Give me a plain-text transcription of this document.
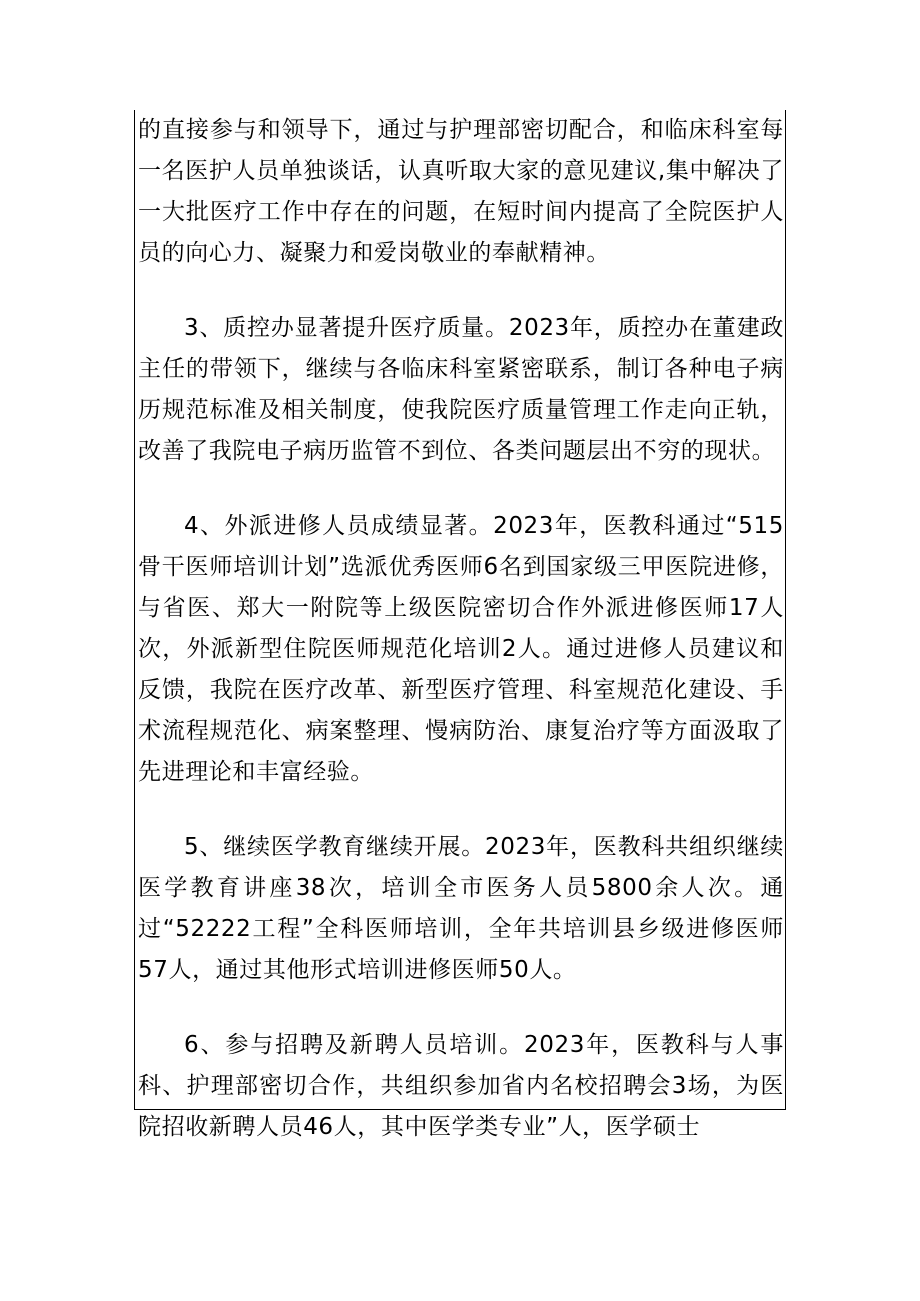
的直接参与和领导下，通过与护理部密切配合，和临床科室每一名医护人员单独谈话，认真听取大家的意见建议,集中解决了一大批医疗工作中存在的问题，在短时间内提高了全院医护人员的向心力、凝聚力和爱岗敬业的奉献精神。

3、质控办显著提升医疗质量。2023年，质控办在董建政主任的带领下，继续与各临床科室紧密联系，制订各种电子病历规范标准及相关制度，使我院医疗质量管理工作走向正轨，改善了我院电子病历监管不到位、各类问题层出不穷的现状。

4、外派进修人员成绩显著。2023年，医教科通过“515骨干医师培训计划”选派优秀医师6名到国家级三甲医院进修，与省医、郑大一附院等上级医院密切合作外派进修医师17人次，外派新型住院医师规范化培训2人。通过进修人员建议和反馈，我院在医疗改革、新型医疗管理、科室规范化建设、手术流程规范化、病案整理、慢病防治、康复治疗等方面汲取了先进理论和丰富经验。

5、继续医学教育继续开展。2023年，医教科共组织继续医学教育讲座38次，培训全市医务人员5800余人次。通过“52222工程”全科医师培训，全年共培训县乡级进修医师57人，通过其他形式培训进修医师50人。

6、参与招聘及新聘人员培训。2023年，医教科与人事科、护理部密切合作，共组织参加省内名校招聘会3场，为医院招收新聘人员46人，其中医学类专业”人，医学硕士
